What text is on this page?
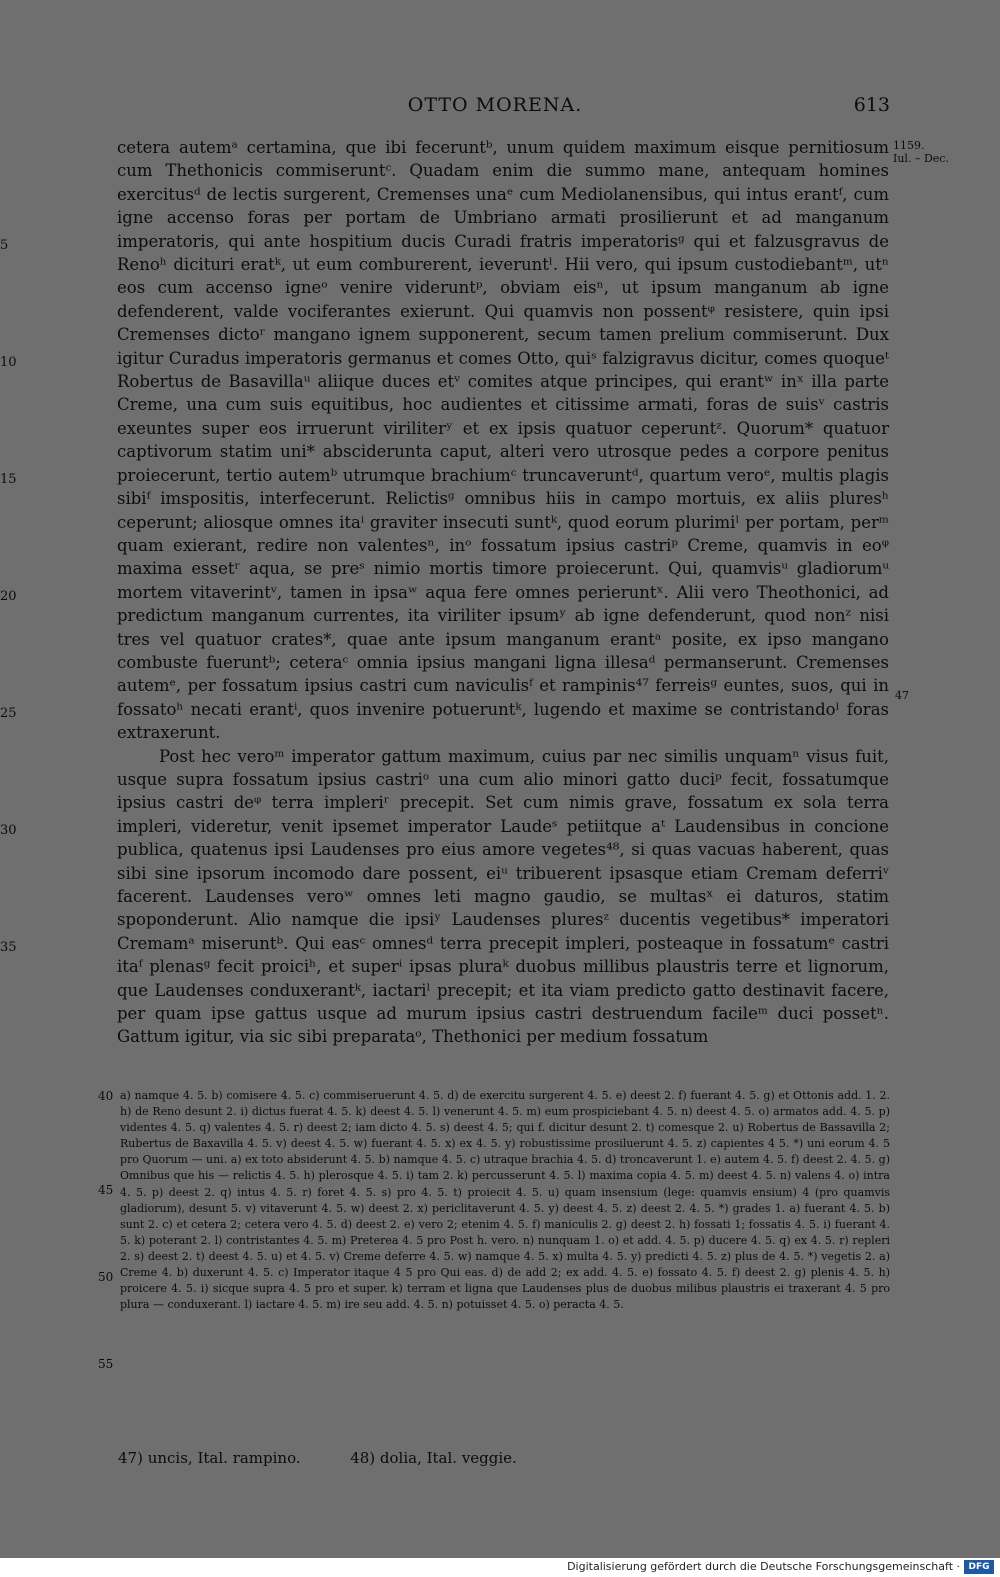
OTTO MORENA.	613
1159.
Iul. – Dec.
5
10
15
20
25
30
35
47

cetera autemᵃ certamina, que ibi feceruntᵇ, unum quidem maximum eisque pernitiosum cum Thethonicis commiseruntᶜ. Quadam enim die summo mane, antequam homines exercitusᵈ de lectis surgerent, Cremenses unaᵉ cum Mediolanensibus, qui intus erantᶠ, cum igne accenso foras per portam de Umbriano armati prosilierunt et ad manganum imperatoris, qui ante hospitium ducis Curadi fratris imperatorisᵍ qui et falzusgravus de Renoʰ dicituri eratᵏ, ut eum comburerent, ieveruntˡ. Hii vero, qui ipsum custodiebantᵐ, utⁿ eos cum accenso igneᵒ venire videruntᵖ, obviam eisⁿ, ut ipsum manganum ab igne defenderent, valde vociferantes exierunt. Qui quamvis non possentᵠ resistere, quin ipsi Cremenses dictoʳ mangano ignem supponerent, secum tamen prelium commiserunt. Dux igitur Curadus imperatoris germanus et comes Otto, quiˢ falzigravus dicitur, comes quoqueᵗ Robertus de Basavillaᵘ aliique duces etᵛ comites atque principes, qui erantʷ inˣ illa parte Creme, una cum suis equitibus, hoc audientes et citissime armati, foras de suisᵛ castris exeuntes super eos irruerunt viriliterʸ et ex ipsis quatuor ceperuntᶻ. Quorum* quatuor captivorum statim uni* absciderunta caput, alteri vero utrosque pedes a corpore penitus proiecerunt, tertio autemᵇ utrumque brachiumᶜ truncaveruntᵈ, quartum veroᵉ, multis plagis sibiᶠ imspositis, interfecerunt. Relictisᵍ omnibus hiis in campo mortuis, ex aliis pluresʰ ceperunt; aliosque omnes itaⁱ graviter insecuti suntᵏ, quod eorum plurimiˡ per portam, perᵐ quam exierant, redire non valentesⁿ, inᵒ fossatum ipsius castriᵖ Creme, quamvis in eoᵠ maxima essetʳ aqua, se preˢ nimio mortis timore proiecerunt. Qui, quamvisᵘ gladiorumᵘ mortem vitaverintᵛ, tamen in ipsaʷ aqua fere omnes perieruntˣ. Alii vero Theothonici, ad predictum manganum currentes, ita viriliter ipsumʸ ab igne defenderunt, quod nonᶻ nisi tres vel quatuor crates*, quae ante ipsum manganum erantᵃ posite, ex ipso mangano combuste fueruntᵇ; ceteraᶜ omnia ipsius mangani ligna illesaᵈ permanserunt. Cremenses autemᵉ, per fossatum ipsius castri cum naviculisᶠ et rampinis⁴⁷ ferreisᵍ euntes, suos, qui in fossatoʰ necati erantⁱ, quos invenire potueruntᵏ, lugendo et maxime se contristandoˡ foras extraxerunt.

Post hec veroᵐ imperator gattum maximum, cuius par nec similis unquamⁿ visus fuit, usque supra fossatum ipsius castriᵒ una cum alio minori gatto duciᵖ fecit, fossatumque ipsius castri deᵠ terra impleriʳ precepit. Set cum nimis grave, fossatum ex sola terra impleri, videretur, venit ipsemet imperator Laudeˢ petiitque aᵗ Laudensibus in concione publica, quatenus ipsi Laudenses pro eius amore vegetes⁴⁸, si quas vacuas haberent, quas sibi sine ipsorum incomodo dare possent, eiᵘ tribuerent ipsasque etiam Cremam deferriᵛ facerent. Laudenses veroʷ omnes leti magno gaudio, se multasˣ ei daturos, statim spoponderunt. Alio namque die ipsiʸ Laudenses pluresᶻ ducentis vegetibus* imperatori Cremamᵃ miseruntᵇ. Qui easᶜ omnesᵈ terra precepit impleri, posteaque in fossatumᵉ castri itaᶠ plenasᵍ fecit proiciʰ, et superⁱ ipsas pluraᵏ duobus millibus plaustris terre et lignorum, que Laudenses conduxerantᵏ, iactariˡ precepit; et ita viam predicto gatto destinavit facere, per quam ipse gattus usque ad murum ipsius castri destruendum facileᵐ duci possetⁿ. Gattum igitur, via sic sibi preparataᵒ, Thethonici per medium fossatum

40
45
50
55
a) namque 4. 5. b) comisere 4. 5. c) commiseruerunt 4. 5. d) de exercitu surgerent 4. 5. e) deest 2. f) fuerant 4. 5. g) et Ottonis add. 1. 2. h) de Reno desunt 2. i) dictus fuerat 4. 5. k) deest 4. 5. l) venerunt 4. 5. m) eum prospiciebant 4. 5. n) deest 4. 5. o) armatos add. 4. 5. p) videntes 4. 5. q) valentes 4. 5. r) deest 2; iam dicto 4. 5. s) deest 4. 5; qui f. dicitur desunt 2. t) comesque 2. u) Robertus de Bassavilla 2; Rubertus de Baxavilla 4. 5. v) deest 4. 5. w) fuerant 4. 5. x) ex 4. 5. y) robustissime prosiluerunt 4. 5. z) capientes 4 5. *) uni eorum 4. 5 pro Quorum — uni. a) ex toto absiderunt 4. 5. b) namque 4. 5. c) utraque brachia 4. 5. d) troncaverunt 1. e) autem 4. 5. f) deest 2. 4. 5. g) Omnibus que his — relictis 4. 5. h) plerosque 4. 5. i) tam 2. k) percusserunt 4. 5. l) maxima copia 4. 5. m) deest 4. 5. n) valens 4. o) intra 4. 5. p) deest 2. q) intus 4. 5. r) foret 4. 5. s) pro 4. 5. t) proiecit 4. 5. u) quam insensium (lege: quamvis ensium) 4 (pro quamvis gladiorum), desunt 5. v) vitaverunt 4. 5. w) deest 2. x) periclitaverunt 4. 5. y) deest 4. 5. z) deest 2. 4. 5. *) grades 1. a) fuerant 4. 5. b) sunt 2. c) et cetera 2; cetera vero 4. 5. d) deest 2. e) vero 2; etenim 4. 5. f) maniculis 2. g) deest 2. h) fossati 1; fossatis 4. 5. i) fuerant 4. 5. k) poterant 2. l) contristantes 4. 5. m) Preterea 4. 5 pro Post h. vero. n) nunquam 1. o) et add. 4. 5. p) ducere 4. 5. q) ex 4. 5. r) repleri 2. s) deest 2. t) deest 4. 5. u) et 4. 5. v) Creme deferre 4. 5. w) namque 4. 5. x) multa 4. 5. y) predicti 4. 5. z) plus de 4. 5. *) vegetis 2. a) Creme 4. b) duxerunt 4. 5. c) Imperator itaque 4 5 pro Qui eas. d) de add 2; ex add. 4. 5. e) fossato 4. 5. f) deest 2. g) plenis 4. 5. h) proicere 4. 5. i) sicque supra 4. 5 pro et super. k) terram et ligna que Laudenses plus de duobus milibus plaustris ei traxerant 4. 5 pro plura — conduxerant. l) iactare 4. 5. m) ire seu add. 4. 5. n) potuisset 4. 5. o) peracta 4. 5.
47) uncis, Ital. rampino.	48) dolia, Ital. veggie.
Digitalisierung gefördert durch die Deutsche Forschungsgemeinschaft · DFG
